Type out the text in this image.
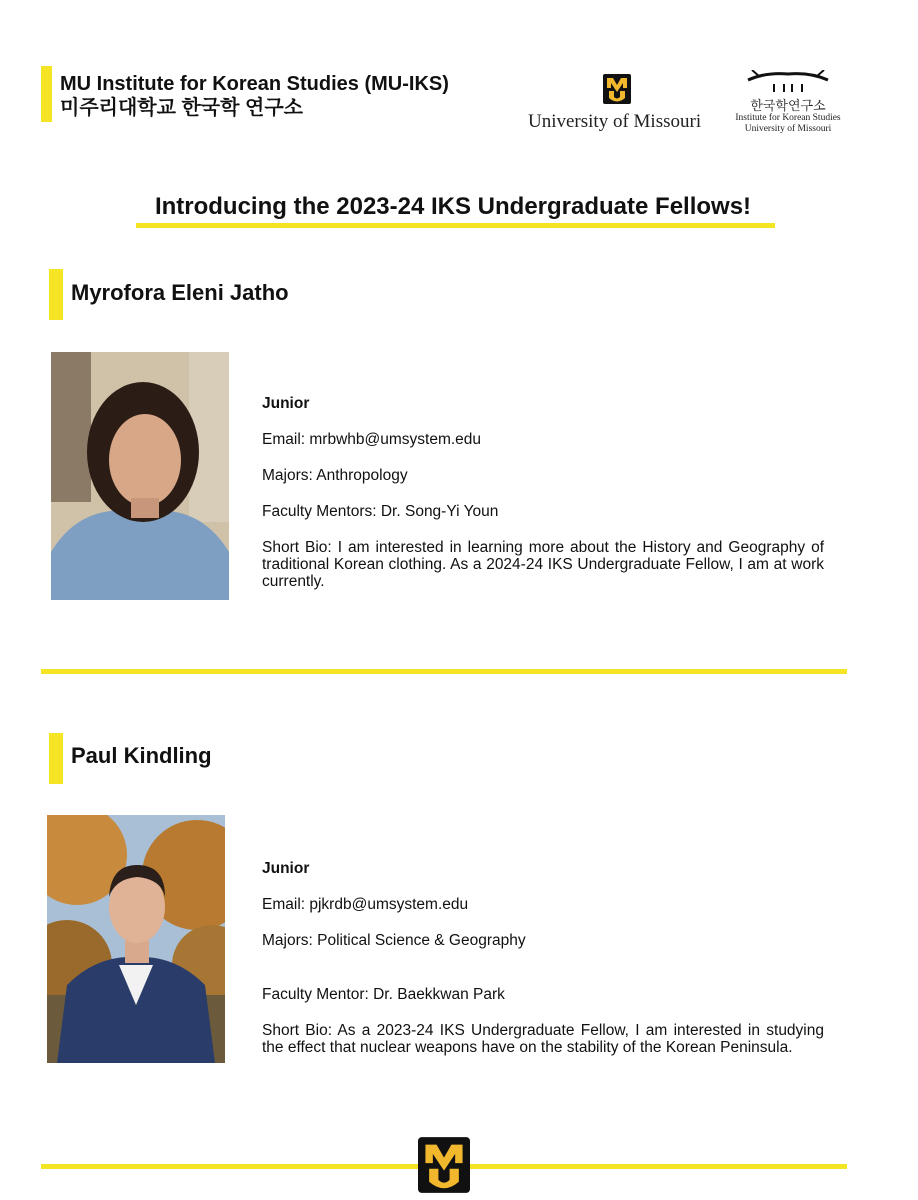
MU Institute for Korean Studies (MU-IKS)
미주리대학교 한국학 연구소
University of Missouri
한국학연구소
Institute for Korean Studies
University of Missouri
Introducing the 2023-24 IKS Undergraduate Fellows!
Myrofora Eleni Jatho

Junior

Email: mrbwhb@umsystem.edu

Majors: Anthropology

Faculty Mentors: Dr. Song-Yi Youn

Short Bio: I am interested in learning more about the History and Geography of traditional Korean clothing. As a 2024-24 IKS Undergraduate Fellow, I am at work currently.

Paul Kindling

Junior

Email: pjkrdb@umsystem.edu

Majors: Political Science & Geography

Faculty Mentor: Dr. Baekkwan Park

Short Bio: As a 2023-24 IKS Undergraduate Fellow, I am interested in studying the effect that nuclear weapons have on the stability of the Korean Peninsula.
